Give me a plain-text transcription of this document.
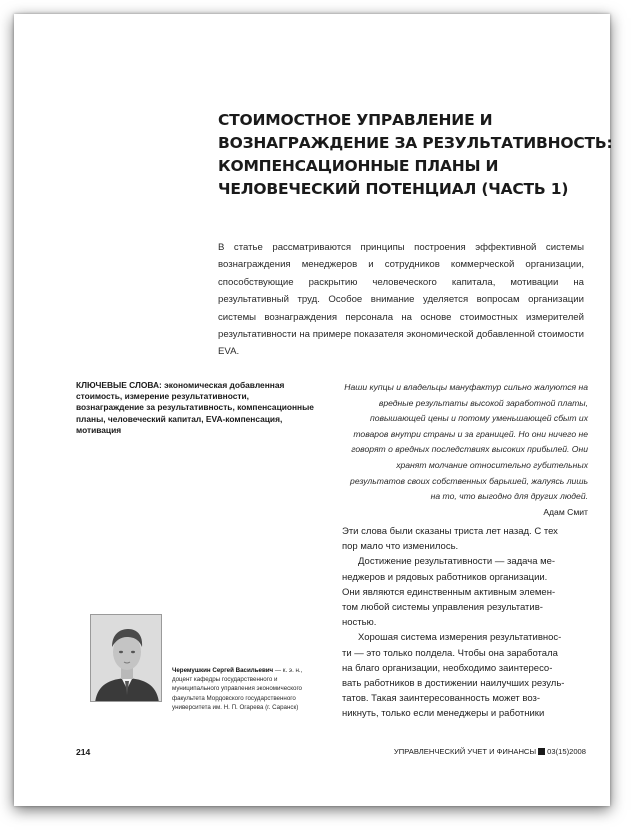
СТОИМОСТНОЕ УПРАВЛЕНИЕ И
ВОЗНАГРАЖДЕНИЕ ЗА РЕЗУЛЬТАТИВНОСТЬ:
КОМПЕНСАЦИОННЫЕ ПЛАНЫ И
ЧЕЛОВЕЧЕСКИЙ ПОТЕНЦИАЛ (ЧАСТЬ 1)

В статье рассматриваются принципы построения эффективной системы вознаграждения менеджеров и сотрудников коммерческой организации, способствующие раскрытию человеческого капитала, мотивации на результативный труд. Особое внимание уделяется вопросам организации системы вознаграждения персонала на основе стоимостных измерителей результативности на примере показателя экономической добавленной стоимости EVA.

КЛЮЧЕВЫЕ СЛОВА: экономическая добавленная стоимость, измерение результативности, вознаграждение за результативность, компенсационные планы, человеческий капитал, EVA-компенсация, мотивация

Наши купцы и владельцы мануфактур сильно жалуются на вредные результаты высокой заработной платы, повышающей цены и потому уменьшающей сбыт их товаров внутри страны и за границей. Но они ничего не говорят о вредных последствиях высоких прибылей. Они хранят молчание относительно губительных результатов своих собственных барышей, жалуясь лишь на то, что выгодно для других людей.
Адам Смит

Эти слова были сказаны триста лет назад. С тех
пор мало что изменилось.

Достижение результативности — задача ме-
неджеров и рядовых работников организации.
Они являются единственным активным элемен-
том любой системы управления результатив-
ностью.

Хорошая система измерения результативнос-
ти — это только полдела. Чтобы она заработала
на благо организации, необходимо заинтересо-
вать работников в достижении наилучших резуль-
татов. Такая заинтересованность может воз-
никнуть, только если менеджеры и работники

Черемушкин Сергей Васильевич — к. э. н., доцент кафедры государственного и муниципального управления экономического факультета Мордовского государственного университета им. Н. П. Огарева (г. Саранск)

214	УПРАВЛЕНЧЕСКИЙ УЧЕТ И ФИНАНСЫ 03(15)2008
